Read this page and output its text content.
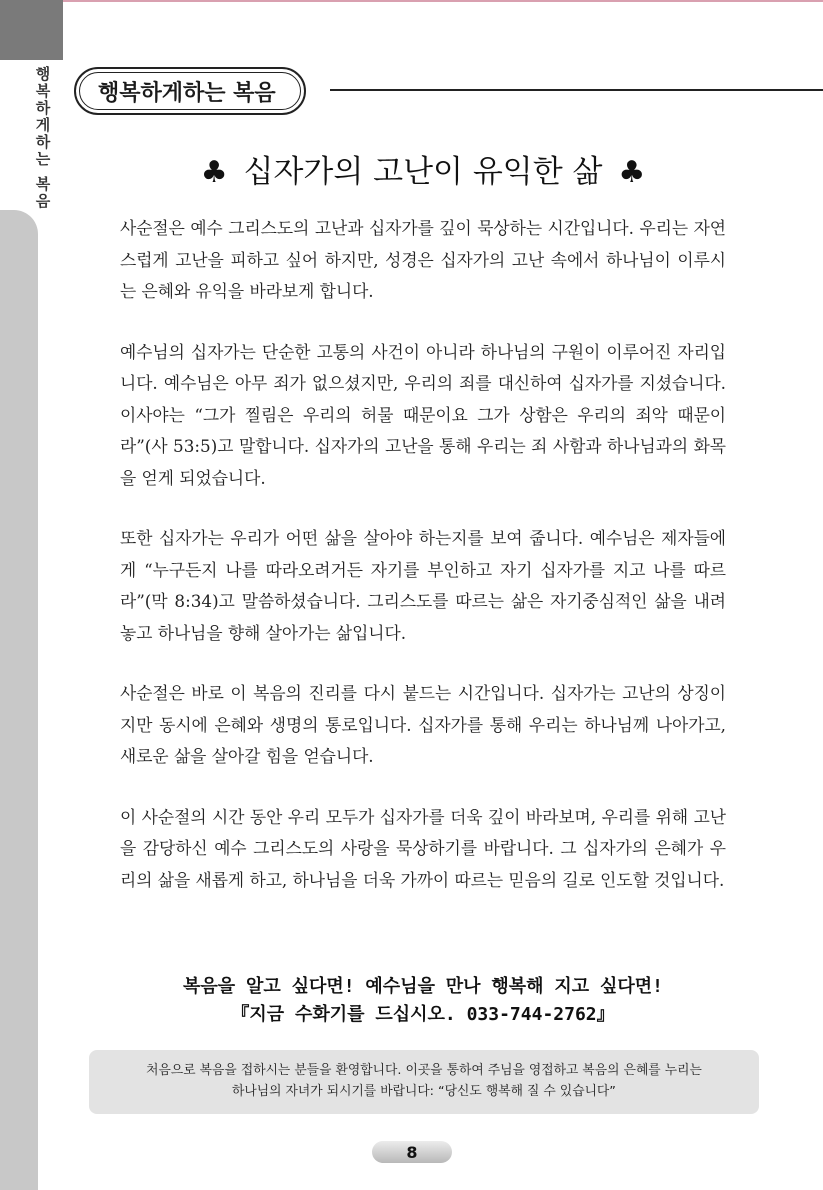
행
복
하
게
하
는
복
음
행복하게하는 복음
♣ 십자가의 고난이 유익한 삶 ♣

사순절은 예수 그리스도의 고난과 십자가를 깊이 묵상하는 시간입니다. 우리는 자연스럽게 고난을 피하고 싶어 하지만, 성경은 십자가의 고난 속에서 하나님이 이루시는 은혜와 유익을 바라보게 합니다.

예수님의 십자가는 단순한 고통의 사건이 아니라 하나님의 구원이 이루어진 자리입니다. 예수님은 아무 죄가 없으셨지만, 우리의 죄를 대신하여 십자가를 지셨습니다. 이사야는 “그가 찔림은 우리의 허물 때문이요 그가 상함은 우리의 죄악 때문이라”(사 53:5)고 말합니다. 십자가의 고난을 통해 우리는 죄 사함과 하나님과의 화목을 얻게 되었습니다.

또한 십자가는 우리가 어떤 삶을 살아야 하는지를 보여 줍니다. 예수님은 제자들에게 “누구든지 나를 따라오려거든 자기를 부인하고 자기 십자가를 지고 나를 따르라”(막 8:34)고 말씀하셨습니다. 그리스도를 따르는 삶은 자기중심적인 삶을 내려놓고 하나님을 향해 살아가는 삶입니다.

사순절은 바로 이 복음의 진리를 다시 붙드는 시간입니다. 십자가는 고난의 상징이지만 동시에 은혜와 생명의 통로입니다. 십자가를 통해 우리는 하나님께 나아가고, 새로운 삶을 살아갈 힘을 얻습니다.

이 사순절의 시간 동안 우리 모두가 십자가를 더욱 깊이 바라보며, 우리를 위해 고난을 감당하신 예수 그리스도의 사랑을 묵상하기를 바랍니다. 그 십자가의 은혜가 우리의 삶을 새롭게 하고, 하나님을 더욱 가까이 따르는 믿음의 길로 인도할 것입니다.

복음을 알고 싶다면! 예수님을 만나 행복해 지고 싶다면!
『지금 수화기를 드십시오. 033-744-2762』
처음으로 복음을 접하시는 분들을 환영합니다. 이곳을 통하여 주님을 영접하고 복음의 은혜를 누리는
하나님의 자녀가 되시기를 바랍니다: “당신도 행복해 질 수 있습니다”
8
